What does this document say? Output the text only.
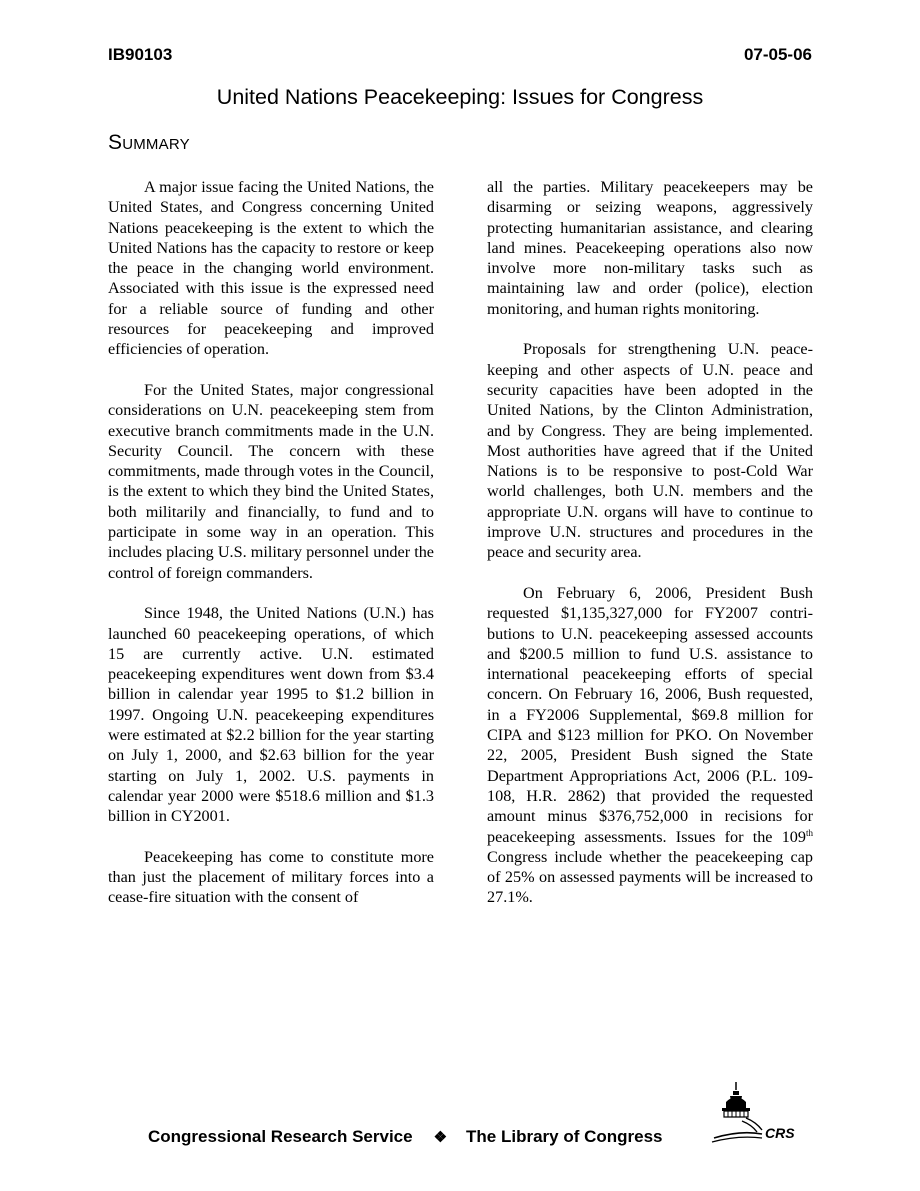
IB90103	07-05-06
United Nations Peacekeeping: Issues for Congress
Summary

A major issue facing the United Nations, the United States, and Congress concerning United Nations peacekeeping is the extent to which the United Nations has the capacity to restore or keep the peace in the changing world environment. Associated with this issue is the expressed need for a reliable source of funding and other resources for peacekeeping and improved efficiencies of operation.

For the United States, major congressional considerations on U.N. peacekeeping stem from executive branch commitments made in the U.N. Security Council. The concern with these commitments, made through votes in the Council, is the extent to which they bind the United States, both militarily and financially, to fund and to participate in some way in an operation. This includes placing U.S. military personnel under the control of foreign commanders.

Since 1948, the United Nations (U.N.) has launched 60 peacekeeping operations, of which 15 are currently active. U.N. estimated peacekeeping expenditures went down from $3.4 billion in calendar year 1995 to $1.2 billion in 1997. Ongoing U.N. peacekeeping expenditures were estimated at $2.2 billion for the year starting on July 1, 2000, and $2.63 billion for the year starting on July 1, 2002. U.S. payments in calendar year 2000 were $518.6 million and $1.3 billion in CY2001.

Peacekeeping has come to constitute more than just the placement of military forces into a cease-fire situation with the consent of

all the parties. Military peacekeepers may be disarming or seizing weapons, aggressively protecting humanitarian assistance, and clearing land mines. Peacekeeping operations also now involve more non-military tasks such as maintaining law and order (police), election monitoring, and human rights monitoring.

Proposals for strengthening U.N. peacekeeping and other aspects of U.N. peace and security capacities have been adopted in the United Nations, by the Clinton Administration, and by Congress. They are being implemented. Most authorities have agreed that if the United Nations is to be responsive to post-Cold War world challenges, both U.N. members and the appropriate U.N. organs will have to continue to improve U.N. structures and procedures in the peace and security area.

On February 6, 2006, President Bush requested $1,135,327,000 for FY2007 contributions to U.N. peacekeeping assessed accounts and $200.5 million to fund U.S. assistance to international peacekeeping efforts of special concern. On February 16, 2006, Bush requested, in a FY2006 Supplemental, $69.8 million for CIPA and $123 million for PKO. On November 22, 2005, President Bush signed the State Department Appropriations Act, 2006 (P.L. 109-108, H.R. 2862) that provided the requested amount minus $376,752,000 in recisions for peacekeeping assessments. Issues for the 109th Congress include whether the peacekeeping cap of 25% on assessed payments will be increased to 27.1%.

Congressional Research Service ❖ The Library of Congress	CRS
